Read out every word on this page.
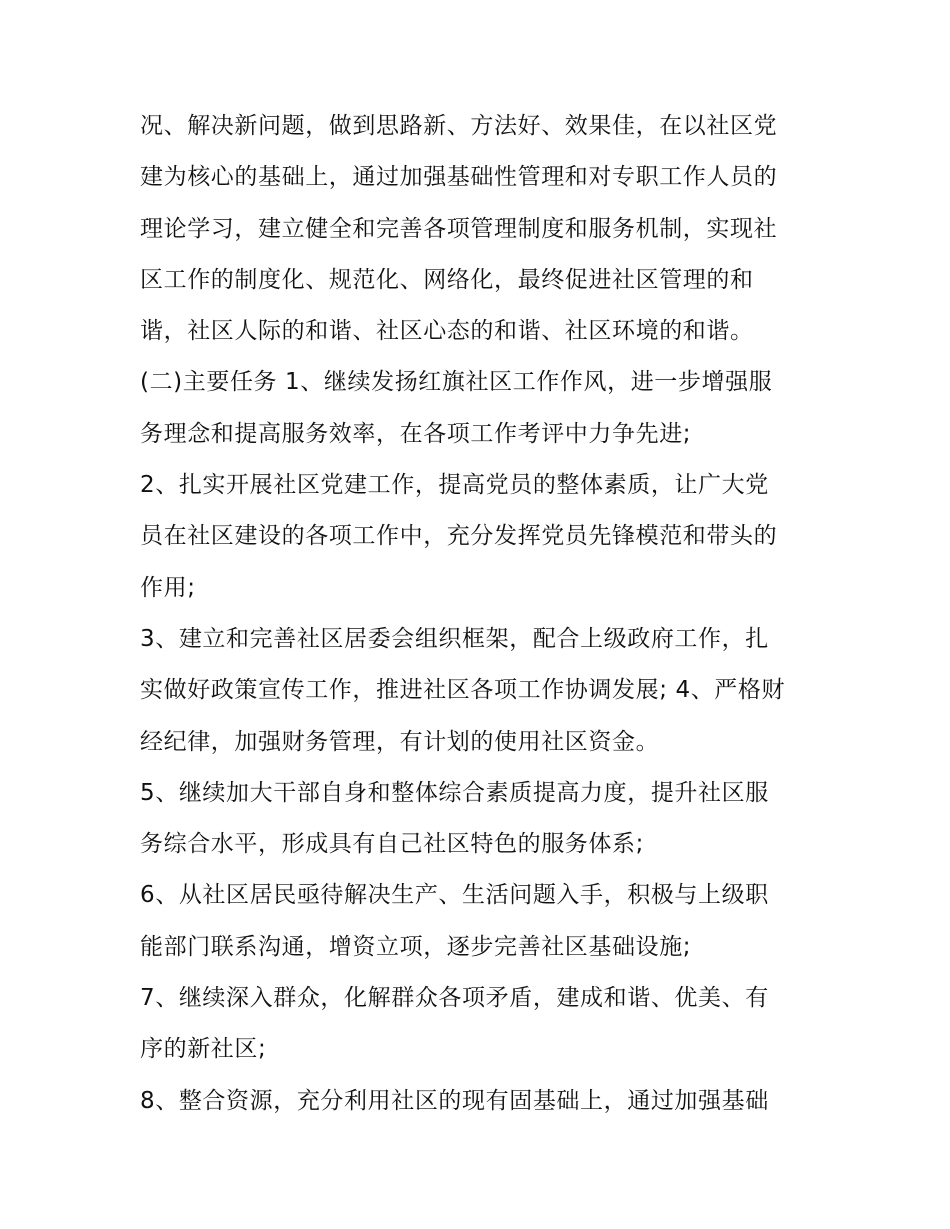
况、解决新问题，做到思路新、方法好、效果佳，在以社区党
建为核心的基础上，通过加强基础性管理和对专职工作人员的
理论学习，建立健全和完善各项管理制度和服务机制，实现社
区工作的制度化、规范化、网络化，最终促进社区管理的和
谐，社区人际的和谐、社区心态的和谐、社区环境的和谐。
(二)主要任务 1、继续发扬红旗社区工作作风，进一步增强服
务理念和提高服务效率，在各项工作考评中力争先进;
2、扎实开展社区党建工作，提高党员的整体素质，让广大党
员在社区建设的各项工作中，充分发挥党员先锋模范和带头的
作用;
3、建立和完善社区居委会组织框架，配合上级政府工作，扎
实做好政策宣传工作，推进社区各项工作协调发展; 4、严格财
经纪律，加强财务管理，有计划的使用社区资金。
5、继续加大干部自身和整体综合素质提高力度，提升社区服
务综合水平，形成具有自己社区特色的服务体系;
6、从社区居民亟待解决生产、生活问题入手，积极与上级职
能部门联系沟通，增资立项，逐步完善社区基础设施;
7、继续深入群众，化解群众各项矛盾，建成和谐、优美、有
序的新社区;
8、整合资源，充分利用社区的现有固基础上，通过加强基础
